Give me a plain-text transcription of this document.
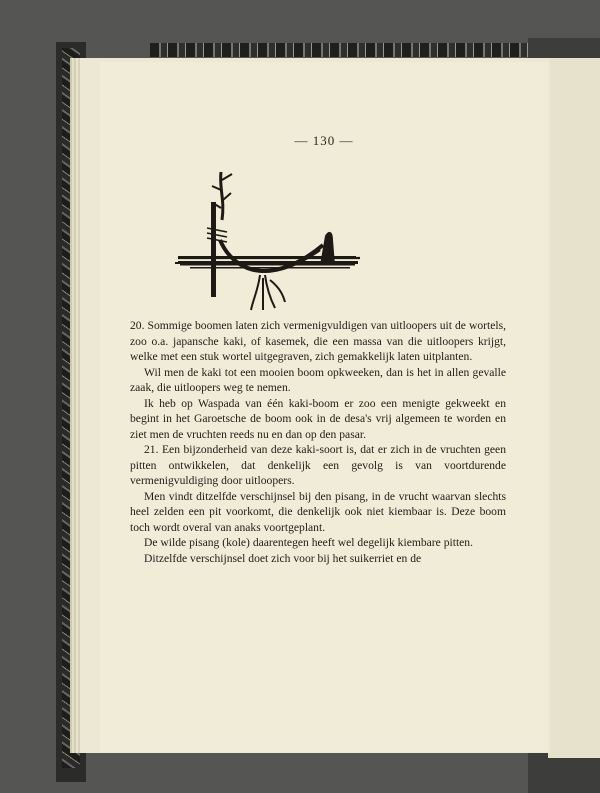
— 130 —

20. Sommige boomen laten zich vermenigvuldigen van uitloopers uit de wortels, zoo o.a. japansche kaki, of kasemek, die een massa van die uitloopers krijgt, welke met een stuk wortel uitgegraven, zich gemakkelijk laten uitplanten.

Wil men de kaki tot een mooien boom opkweeken, dan is het in allen gevalle zaak, die uitloopers weg te nemen.

Ik heb op Waspada van één kaki-boom er zoo een menigte gekweekt en begint in het Garoetsche de boom ook in de desa's vrij algemeen te worden en ziet men de vruchten reeds nu en dan op den pasar.

21. Een bijzonderheid van deze kaki-soort is, dat er zich in de vruchten geen pitten ontwikkelen, dat denkelijk een gevolg is van voortdurende vermenigvuldiging door uitloopers.

Men vindt ditzelfde verschijnsel bij den pisang, in de vrucht waarvan slechts heel zelden een pit voorkomt, die denkelijk ook niet kiembaar is. Deze boom toch wordt overal van anaks voortgeplant.

De wilde pisang (kole) daarentegen heeft wel degelijk kiembare pitten.

Ditzelfde verschijnsel doet zich voor bij het suikerriet en de
